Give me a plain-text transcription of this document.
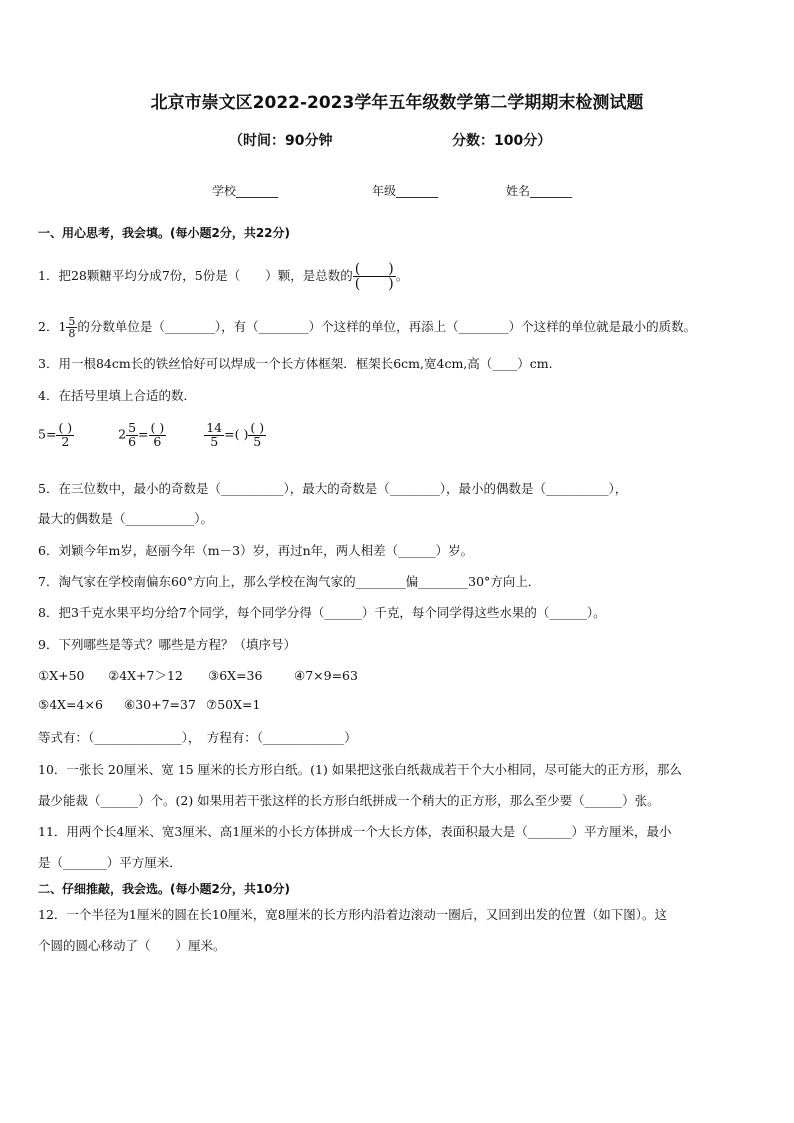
北京市崇文区2022-2023学年五年级数学第二学期期末检测试题
（时间：90分钟	分数：100分）
学校_______	年级_______	姓名_______
一、用心思考，我会填。(每小题2分，共22分)
1．把28颗糖平均分成7份，5份是（　　）颗，是总数的 $\frac{( )}{( )}$ 。
2．$1 \frac{5}{8}$ 的分数单位是（________），有（________）个这样的单位，再添上（________）个这样的单位就是最小的质数。
3．用一根84cm长的铁丝恰好可以焊成一个长方体框架．框架长6cm,宽4cm,高（____）cm.
4．在括号里填上合适的数．
$5= \frac{( )}{2}$	$2 \frac{5}{6} = \frac{( )}{6}$
	$\frac{14}{5}$ =( ) $\frac{( )}{5}$
5．在三位数中，最小的奇数是（__________），最大的奇数是（________），最小的偶数是（__________），
最大的偶数是（___________）。
6．刘颖今年m岁，赵丽今年（m－3）岁，再过n年，两人相差（______）岁。
7．淘气家在学校南偏东60°方向上，那么学校在淘气家的________偏________30°方向上．
8．把3千克水果平均分给7个同学，每个同学分得（______）千克，每个同学得这些水果的（______）。
9．下列哪些是等式？哪些是方程？（填序号）
①X+50 ②4X+7＞12 ③6X=36	④7×9=63
⑤4X=4×6 ⑥30+7=37 ⑦50X=1
等式有：（______________），　方程有：（_____________）
10．一张长 20厘米、宽 15 厘米的长方形白纸。(1) 如果把这张白纸裁成若干个大小相同，尽可能大的正方形，那么
最少能裁（______）个。(2) 如果用若干张这样的长方形白纸拼成一个稍大的正方形，那么至少要（______）张。
11．用两个长4厘米、宽3厘米、高1厘米的小长方体拼成一个大长方体，表面积最大是（_______）平方厘米，最小
是（_______）平方厘米．
二、仔细推敲，我会选。(每小题2分，共10分)
12．一个半径为1厘米的圆在长10厘米，宽8厘米的长方形内沿着边滚动一圈后，又回到出发的位置（如下图）。这
个圆的圆心移动了（　　）厘米。
